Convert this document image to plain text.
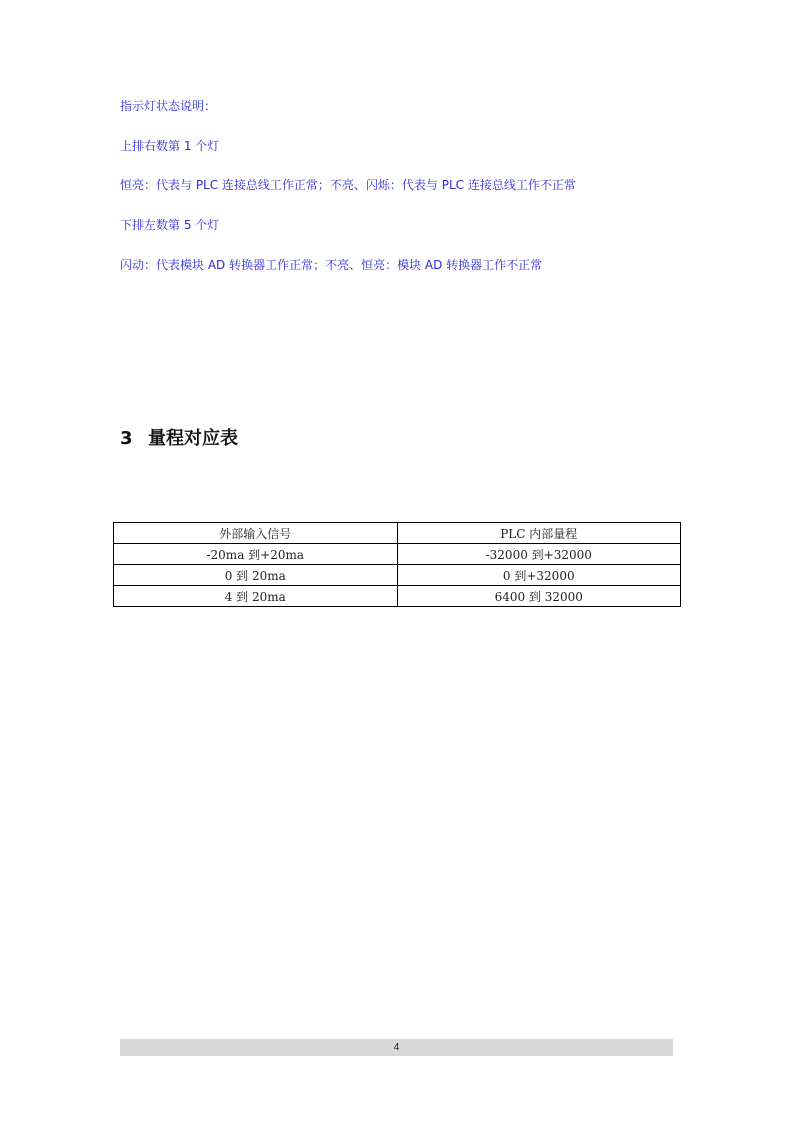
指示灯状态说明：
上排右数第 1 个灯
恒亮：代表与 PLC 连接总线工作正常；不亮、闪烁：代表与 PLC 连接总线工作不正常
下排左数第 5 个灯
闪动：代表模块 AD 转换器工作正常；不亮、恒亮：模块 AD 转换器工作不正常
3 量程对应表
外部输入信号	PLC 内部量程
-20ma 到+20ma	-32000 到+32000
0 到 20ma	0 到+32000
4 到 20ma	6400 到 32000
4
